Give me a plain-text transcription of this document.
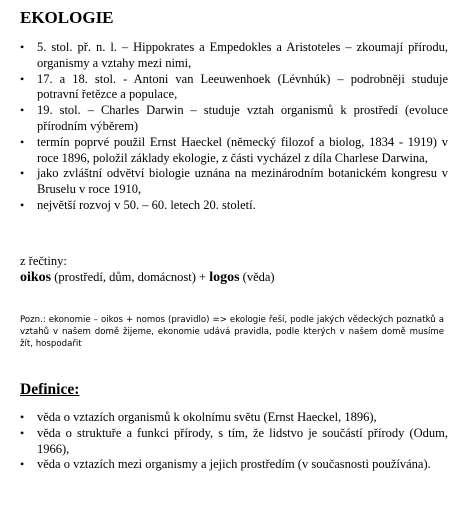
EKOLOGIE
• 5. stol. př. n. l. – Hippokrates a Empedokles a Aristoteles – zkoumají přírodu, organismy a vztahy mezi nimi,
• 17. a 18. stol. - Antoni van Leeuwenhoek (Lévnhúk) – podrobněji studuje potravní řetězce a populace,
• 19. stol. – Charles Darwin – studuje vztah organismů k prostředí (evoluce přírodním výběrem)
• termín poprvé použil Ernst Haeckel (německý filozof a biolog, 1834 - 1919) v roce 1896, položil základy ekologie, z části vycházel z díla Charlese Darwina,
• jako zvláštní odvětví biologie uznána na mezinárodním botanickém kongresu v Bruselu v roce 1910,
• největší rozvoj v 50. – 60. letech 20. století.
z řečtiny:
oikos (prostředí, dům, domácnost) + logos (věda)
Pozn.: ekonomie – oikos + nomos (pravidlo) => ekologie řeší, podle jakých vědeckých poznatků a vztahů v našem domě žijeme, ekonomie udává pravidla, podle kterých v našem domě musíme žít, hospodařit
Definice:
• věda o vztazích organismů k okolnímu světu (Ernst Haeckel, 1896),
• věda o struktuře a funkci přírody, s tím, že lidstvo je součástí přírody (Odum, 1966),
• věda o vztazích mezi organismy a jejich prostředím (v současnosti používána).
